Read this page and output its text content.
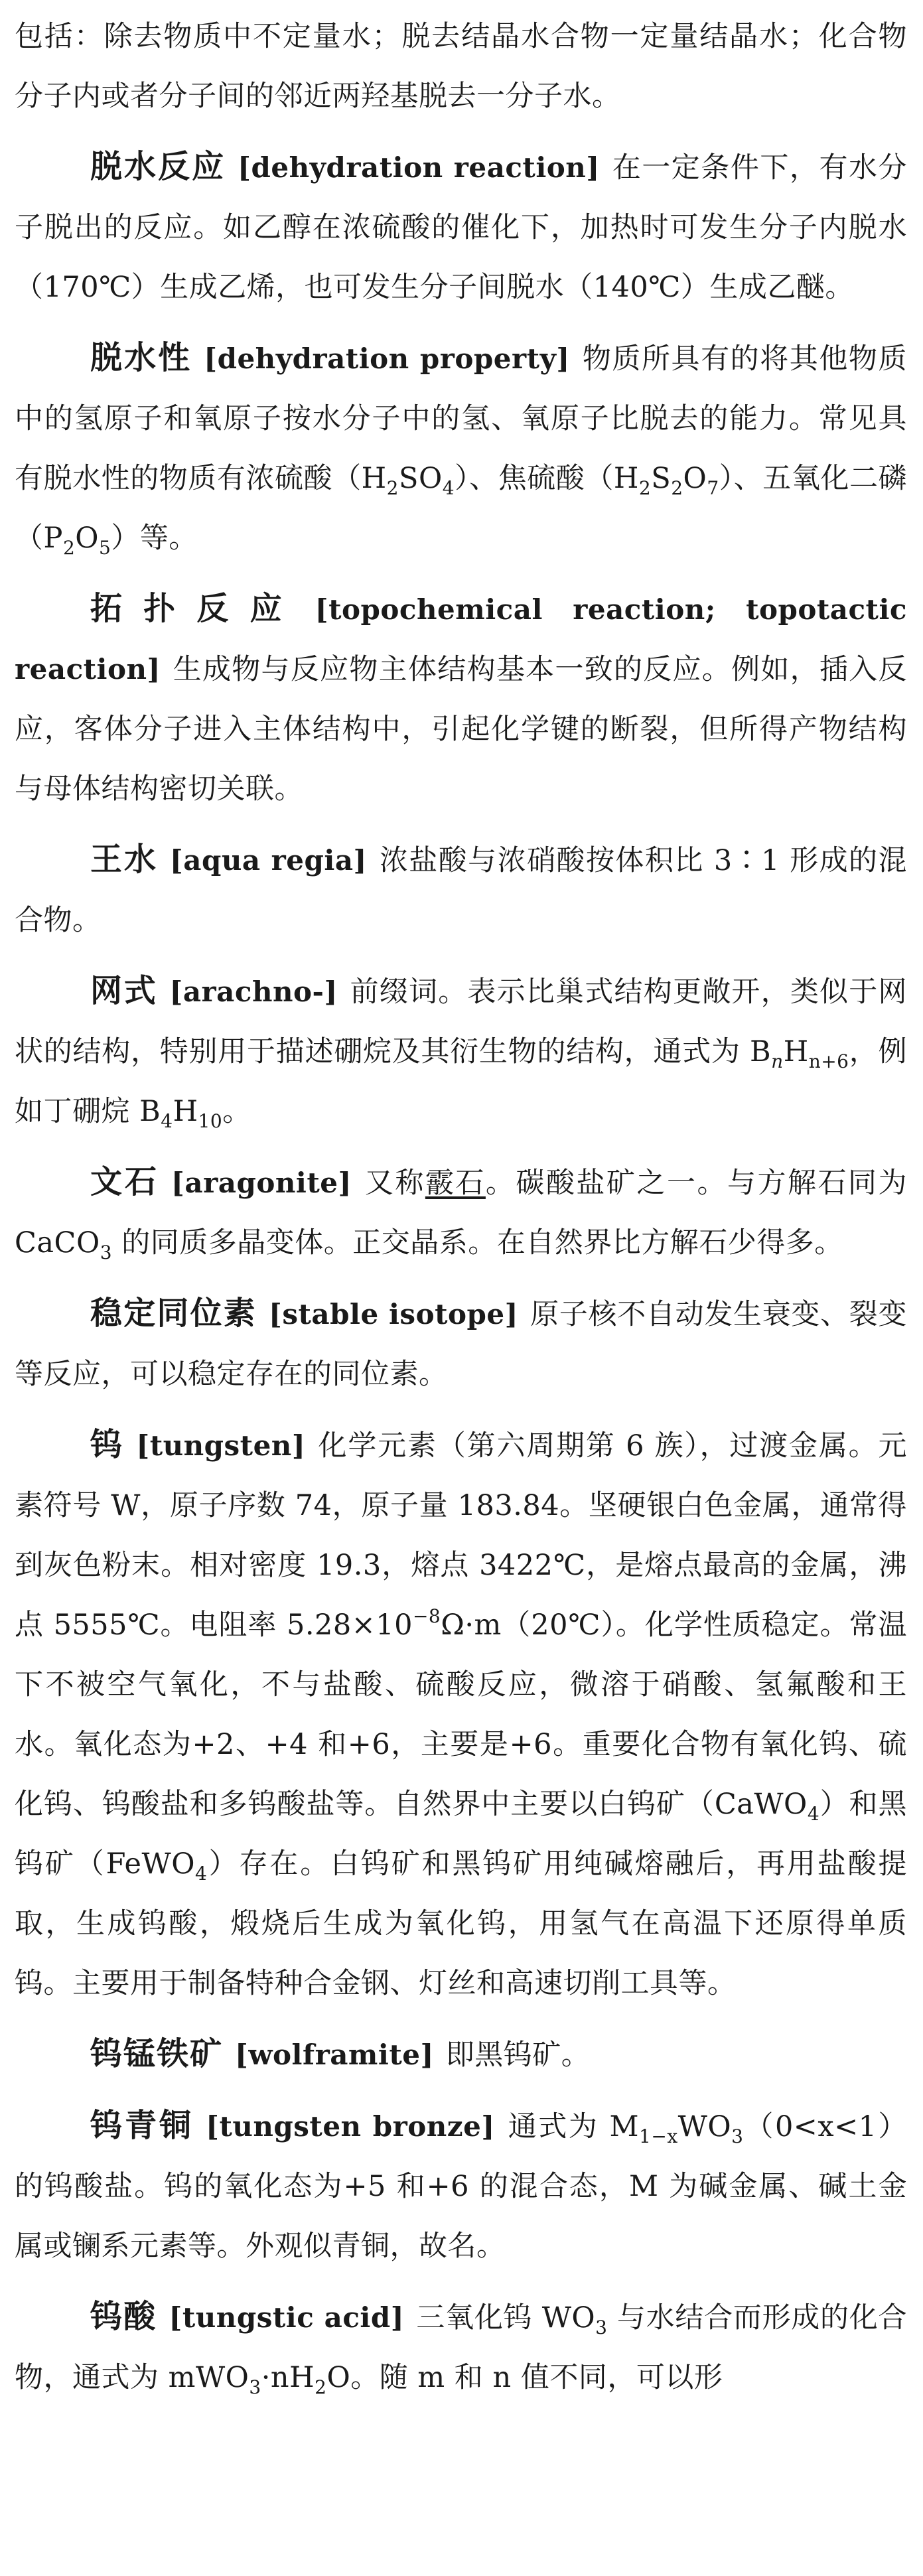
包括：除去物质中不定量水；脱去结晶水合物一定量结晶水；化合物分子内或者分子间的邻近两羟基脱去一分子水。

脱水反应 [dehydration reaction] 在一定条件下，有水分子脱出的反应。如乙醇在浓硫酸的催化下，加热时可发生分子内脱水（170℃）生成乙烯，也可发生分子间脱水（140℃）生成乙醚。

脱水性 [dehydration property] 物质所具有的将其他物质中的氢原子和氧原子按水分子中的氢、氧原子比脱去的能力。常见具有脱水性的物质有浓硫酸$(H_2SO_4)$、焦硫酸$(H_2S_2O_7)$、五氧化二磷$(P_2O_5)$等。

拓扑反应 [topochemical reaction; topotactic reaction] 生成物与反应物主体结构基本一致的反应。例如，插入反应，客体分子进入主体结构中，引起化学键的断裂，但所得产物结构与母体结构密切关联。

王水 [aqua regia] 浓盐酸与浓硝酸按体积比 3∶1 形成的混合物。

网式 [arachno-] 前缀词。表示比巢式结构更敞开，类似于网状的结构，特别用于描述硼烷及其衍生物的结构，通式为 $B_nH_{n+6}$，例如丁硼烷 $B_4H_{10}$。

文石 [aragonite] 又称霰石。碳酸盐矿之一。与方解石同为 CaCO$_3$ 的同质多晶变体。正交晶系。在自然界比方解石少得多。

稳定同位素 [stable isotope] 原子核不自动发生衰变、裂变等反应，可以稳定存在的同位素。

钨 [tungsten] 化学元素（第六周期第 6 族），过渡金属。元素符号 W，原子序数 74，原子量 183.84。坚硬银白色金属，通常得到灰色粉末。相对密度 19.3，熔点 3422℃，是熔点最高的金属，沸点 5555℃。电阻率 $5.28\times 10^{-8}\Omega\cdot m(20℃)$。化学性质稳定。常温下不被空气氧化，不与盐酸、硫酸反应，微溶于硝酸、氢氟酸和王水。氧化态为+2、+4 和+6，主要是+6。重要化合物有氧化钨、硫化钨、钨酸盐和多钨酸盐等。自然界中主要以白钨矿（CaWO$_4$）和黑钨矿（FeWO$_4$）存在。白钨矿和黑钨矿用纯碱熔融后，再用盐酸提取，生成钨酸，煅烧后生成为氧化钨，用氢气在高温下还原得单质钨。主要用于制备特种合金钢、灯丝和高速切削工具等。

钨锰铁矿 [wolframite] 即黑钨矿。

钨青铜 [tungsten bronze] 通式为 $M_{1-x}WO_3(0<x<1)$的钨酸盐。钨的氧化态为+5 和+6 的混合态，M 为碱金属、碱土金属或镧系元素等。外观似青铜，故名。

钨酸 [tungstic acid] 三氧化钨 $WO_3$ 与水结合而形成的化合物，通式为 $mWO_3\cdot nH_2O$。随 m 和 n 值不同，可以形
